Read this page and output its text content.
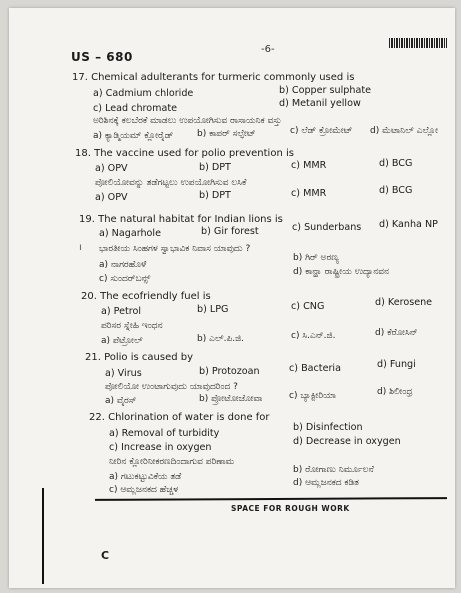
US – 680
-6-
17. Chemical adulterants for turmeric commonly used is
a) Cadmium chloride	b) Copper sulphate
c) Lead chromate	d) Metanil yellow
ಅರಿಶಿನಕ್ಕೆ ಕಲಬೆರಕೆ ಮಾಡಲು ಉಪಯೋಗಿಸುವ ರಾಸಾಯನಿಕ ವಸ್ತು
a) ಕ್ಯಾಡ್ಮಿಯಮ್ ಕ್ಲೋರೈಡ್	b) ಕಾಪರ್ ಸಲ್ಫೇಟ್	c) ಲೆಡ್ ಕ್ರೋಮೇಟ್ d) ಮೆಟಾನಿಲ್ ಎಲ್ಲೋ
18. The vaccine used for polio prevention is
a) OPV	b) DPT	c) MMR	d) BCG
ಪೋಲಿಯೋವನ್ನು ತಡೆಗಟ್ಟಲು ಉಪಯೋಗಿಸುವ ಲಸಿಕೆ
a) OPV	b) DPT	c) MMR	d) BCG
19. The natural habitat for Indian lions is
a) Nagarhole	b) Gir forest	c) Sunderbans d) Kanha NP
ಭಾರತೀಯ ಸಿಂಹಗಳ ಸ್ವಾಭಾವಿಕ ನಿವಾಸ ಯಾವುದು ?
a) ನಾಗರಹೊಳೆ
b) ಗಿರ್ ಅರಣ್ಯ
c) ಸುಂದರ್‌ಬನ್ಸ್
d) ಕಾನ್ಹಾ ರಾಷ್ಟ್ರೀಯ ಉದ್ಯಾನವನ
20. The ecofriendly fuel is
a) Petrol	b) LPG	c) CNG	d) Kerosene
ಪರಿಸರ ಸ್ನೇಹಿ ಇಂಧನ
a) ಪೆಟ್ರೋಲ್	b) ಎಲ್.ಪಿ.ಜಿ.	c) ಸಿ.ಎನ್.ಜಿ.	d) ಕೆರೋಸಿನ್
21. Polio is caused by
a) Virus	b) Protozoan	c) Bacteria	d) Fungi
ಪೋಲಿಯೋ ಉಂಟಾಗುವುದು ಯಾವುದರಿಂದ ?
a) ವೈರಸ್	b) ಪ್ರೋಟೋಜೋವಾ	c) ಬ್ಯಾಕ್ಟೀರಿಯಾ	d) ಶಿಲೀಂಧ್ರ
22. Chlorination of water is done for
a) Removal of turbidity
b) Disinfection
c) Increase in oxygen
d) Decrease in oxygen
ನೀರಿನ ಕ್ಲೋರಿನೀಕರಣದಿಂದಾಗುವ ಪರಿಣಾಮ
a) ಗಟುಕಟ್ಟುವಿಕೆಯ ತಡೆ
b) ರೋಗಾಣು ನಿರ್ಮೂಲನೆ
c) ಆಮ್ಲಜನಕದ ಹೆಚ್ಚಳ
d) ಆಮ್ಲಜನಕದ ಕಡಿತ
SPACE FOR ROUGH WORK
C
ı
